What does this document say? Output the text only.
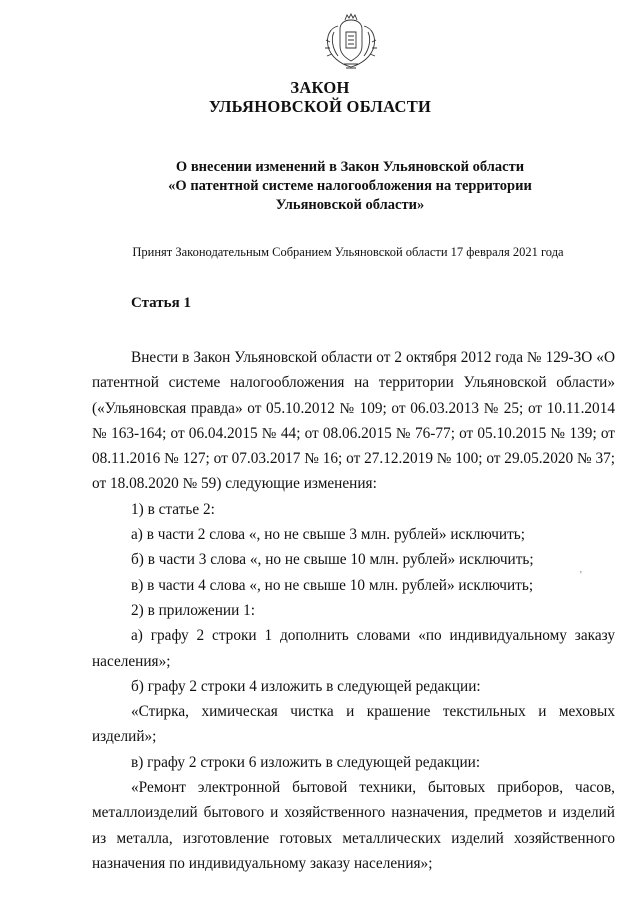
ЗАКОН
УЛЬЯНОВСКОЙ ОБЛАСТИ
О внесении изменений в Закон Ульяновской области
«О патентной системе налогообложения на территории
Ульяновской области»
Принят Законодательным Собранием Ульяновской области 17 февраля 2021 года
Статья 1

Внести в Закон Ульяновской области от 2 октября 2012 года № 129-ЗО «О патентной системе налогообложения на территории Ульяновской области» («Ульяновская правда» от 05.10.2012 № 109; от 06.03.2013 № 25; от 10.11.2014 № 163-164; от 06.04.2015 № 44; от 08.06.2015 № 76-77; от 05.10.2015 № 139; от 08.11.2016 № 127; от 07.03.2017 № 16; от 27.12.2019 № 100; от 29.05.2020 № 37; от 18.08.2020 № 59) следующие изменения:

1) в статье 2:

а) в части 2 слова «, но не свыше 3 млн. рублей» исключить;

б) в части 3 слова «, но не свыше 10 млн. рублей» исключить;

в) в части 4 слова «, но не свыше 10 млн. рублей» исключить;

2) в приложении 1:

а) графу 2 строки 1 дополнить словами «по индивидуальному заказу населения»;

б) графу 2 строки 4 изложить в следующей редакции:

«Стирка, химическая чистка и крашение текстильных и меховых изделий»;

в) графу 2 строки 6 изложить в следующей редакции:

«Ремонт электронной бытовой техники, бытовых приборов, часов, металлоизделий бытового и хозяйственного назначения, предметов и изделий из металла, изготовление готовых металлических изделий хозяйственного назначения по индивидуальному заказу населения»;

'
